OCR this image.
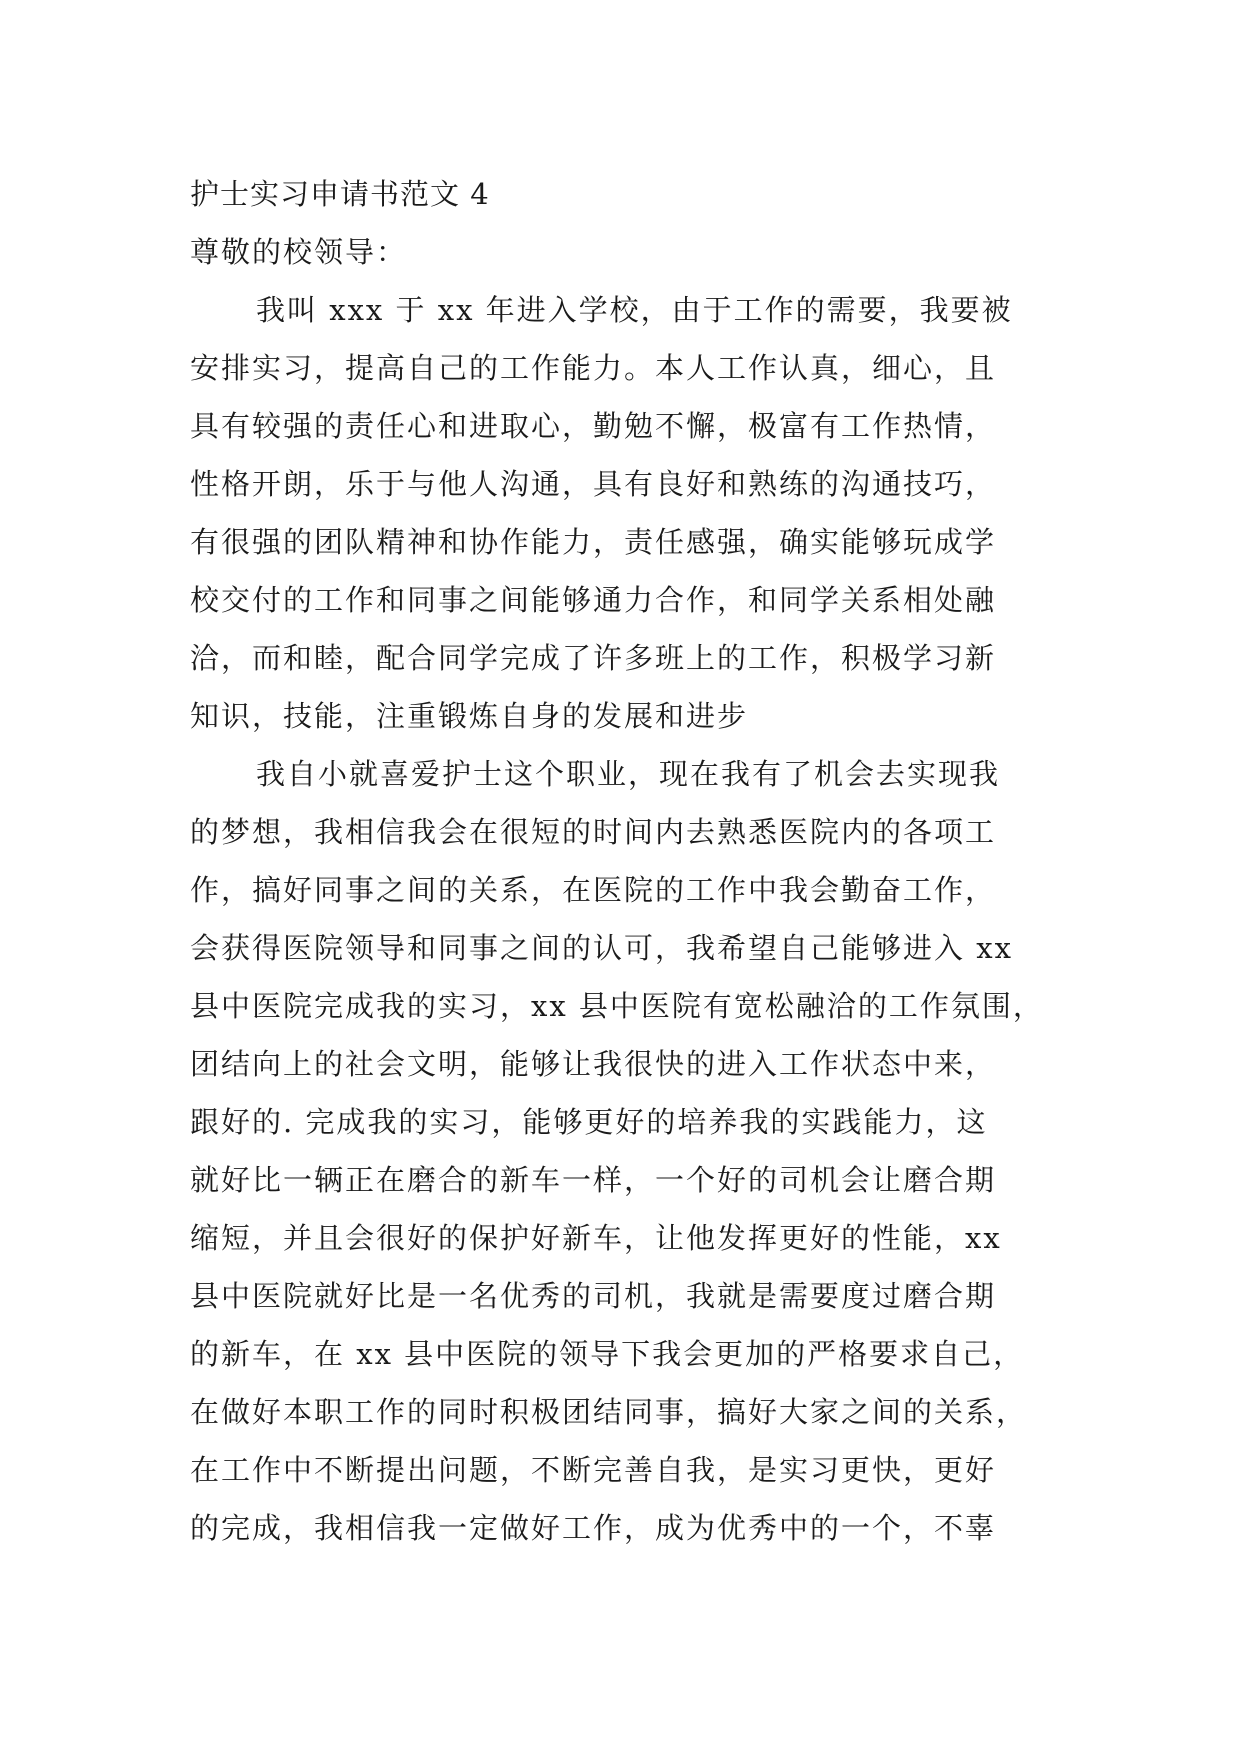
护士实习申请书范文 4
尊敬的校领导：
我叫 xxx 于 xx 年进入学校，由于工作的需要，我要被
安排实习，提高自己的工作能力。本人工作认真，细心，且
具有较强的责任心和进取心，勤勉不懈，极富有工作热情，
性格开朗，乐于与他人沟通，具有良好和熟练的沟通技巧，
有很强的团队精神和协作能力，责任感强，确实能够玩成学
校交付的工作和同事之间能够通力合作，和同学关系相处融
洽，而和睦，配合同学完成了许多班上的工作，积极学习新
知识，技能，注重锻炼自身的发展和进步
我自小就喜爱护士这个职业，现在我有了机会去实现我
的梦想，我相信我会在很短的时间内去熟悉医院内的各项工
作，搞好同事之间的关系，在医院的工作中我会勤奋工作，
会获得医院领导和同事之间的认可，我希望自己能够进入 xx
县中医院完成我的实习，xx 县中医院有宽松融洽的工作氛围，
团结向上的社会文明，能够让我很快的进入工作状态中来，
跟好的. 完成我的实习，能够更好的培养我的实践能力，这
就好比一辆正在磨合的新车一样，一个好的司机会让磨合期
缩短，并且会很好的保护好新车，让他发挥更好的性能，xx
县中医院就好比是一名优秀的司机，我就是需要度过磨合期
的新车，在 xx 县中医院的领导下我会更加的严格要求自己，
在做好本职工作的同时积极团结同事，搞好大家之间的关系，
在工作中不断提出问题，不断完善自我，是实习更快，更好
的完成，我相信我一定做好工作，成为优秀中的一个，不辜
